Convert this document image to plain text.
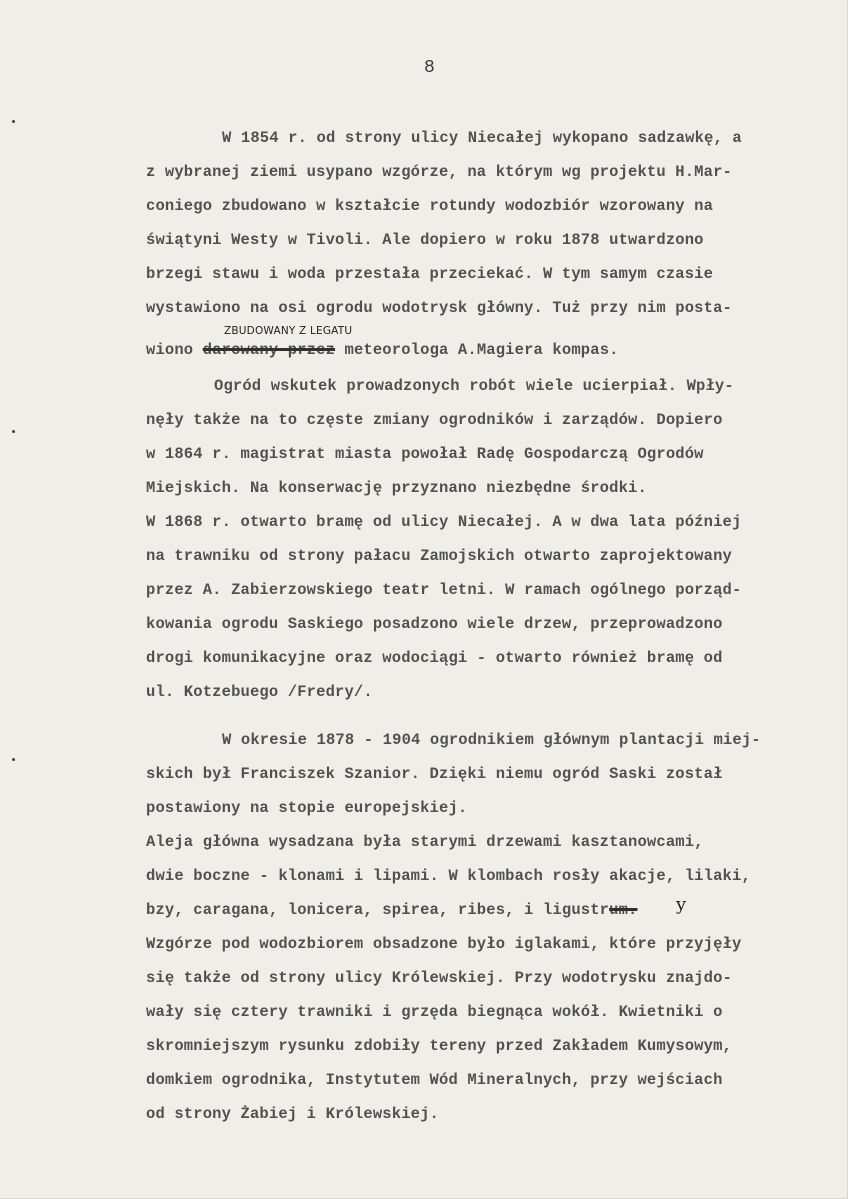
8
W 1854 r. od strony ulicy Niecałej wykopano sadzawkę, a
z wybranej ziemi usypano wzgórze, na którym wg projektu H.Mar-
coniego zbudowano w kształcie rotundy wodozbiór wzorowany na
świątyni Westy w Tivoli. Ale dopiero w roku 1878 utwardzono
brzegi stawu i woda przestała przeciekać. W tym samym czasie
wystawiono na osi ogrodu wodotrysk główny. Tuż przy nim posta-
ZBUDOWANY Z LEGATU
wiono darowany przez meteorologa A.Magiera kompas.
Ogród wskutek prowadzonych robót wiele ucierpiał. Wpły-
nęły także na to częste zmiany ogrodników i zarządów. Dopiero
w 1864 r. magistrat miasta powołał Radę Gospodarczą Ogrodów
Miejskich. Na konserwację przyznano niezbędne środki.
W 1868 r. otwarto bramę od ulicy Niecałej. A w dwa lata później
na trawniku od strony pałacu Zamojskich otwarto zaprojektowany
przez A. Zabierzowskiego teatr letni. W ramach ogólnego porząd-
kowania ogrodu Saskiego posadzono wiele drzew, przeprowadzono
drogi komunikacyjne oraz wodociągi - otwarto również bramę od
ul. Kotzebuego /Fredry/.
W okresie 1878 - 1904 ogrodnikiem głównym plantacji miej-
skich był Franciszek Szanior. Dzięki niemu ogród Saski został
postawiony na stopie europejskiej.
Aleja główna wysadzana była starymi drzewami kasztanowcami,
dwie boczne - klonami i lipami. W klombach rosły akacje, lilaki,
bzy, caragana, lonicera, spirea, ribes, i ligustrum. y
Wzgórze pod wodozbiorem obsadzone było iglakami, które przyjęły
się także od strony ulicy Królewskiej. Przy wodotrysku znajdo-
wały się cztery trawniki i grzęda biegnąca wokół. Kwietniki o
skromniejszym rysunku zdobiły tereny przed Zakładem Kumysowym,
domkiem ogrodnika, Instytutem Wód Mineralnych, przy wejściach
od strony Żabiej i Królewskiej.
